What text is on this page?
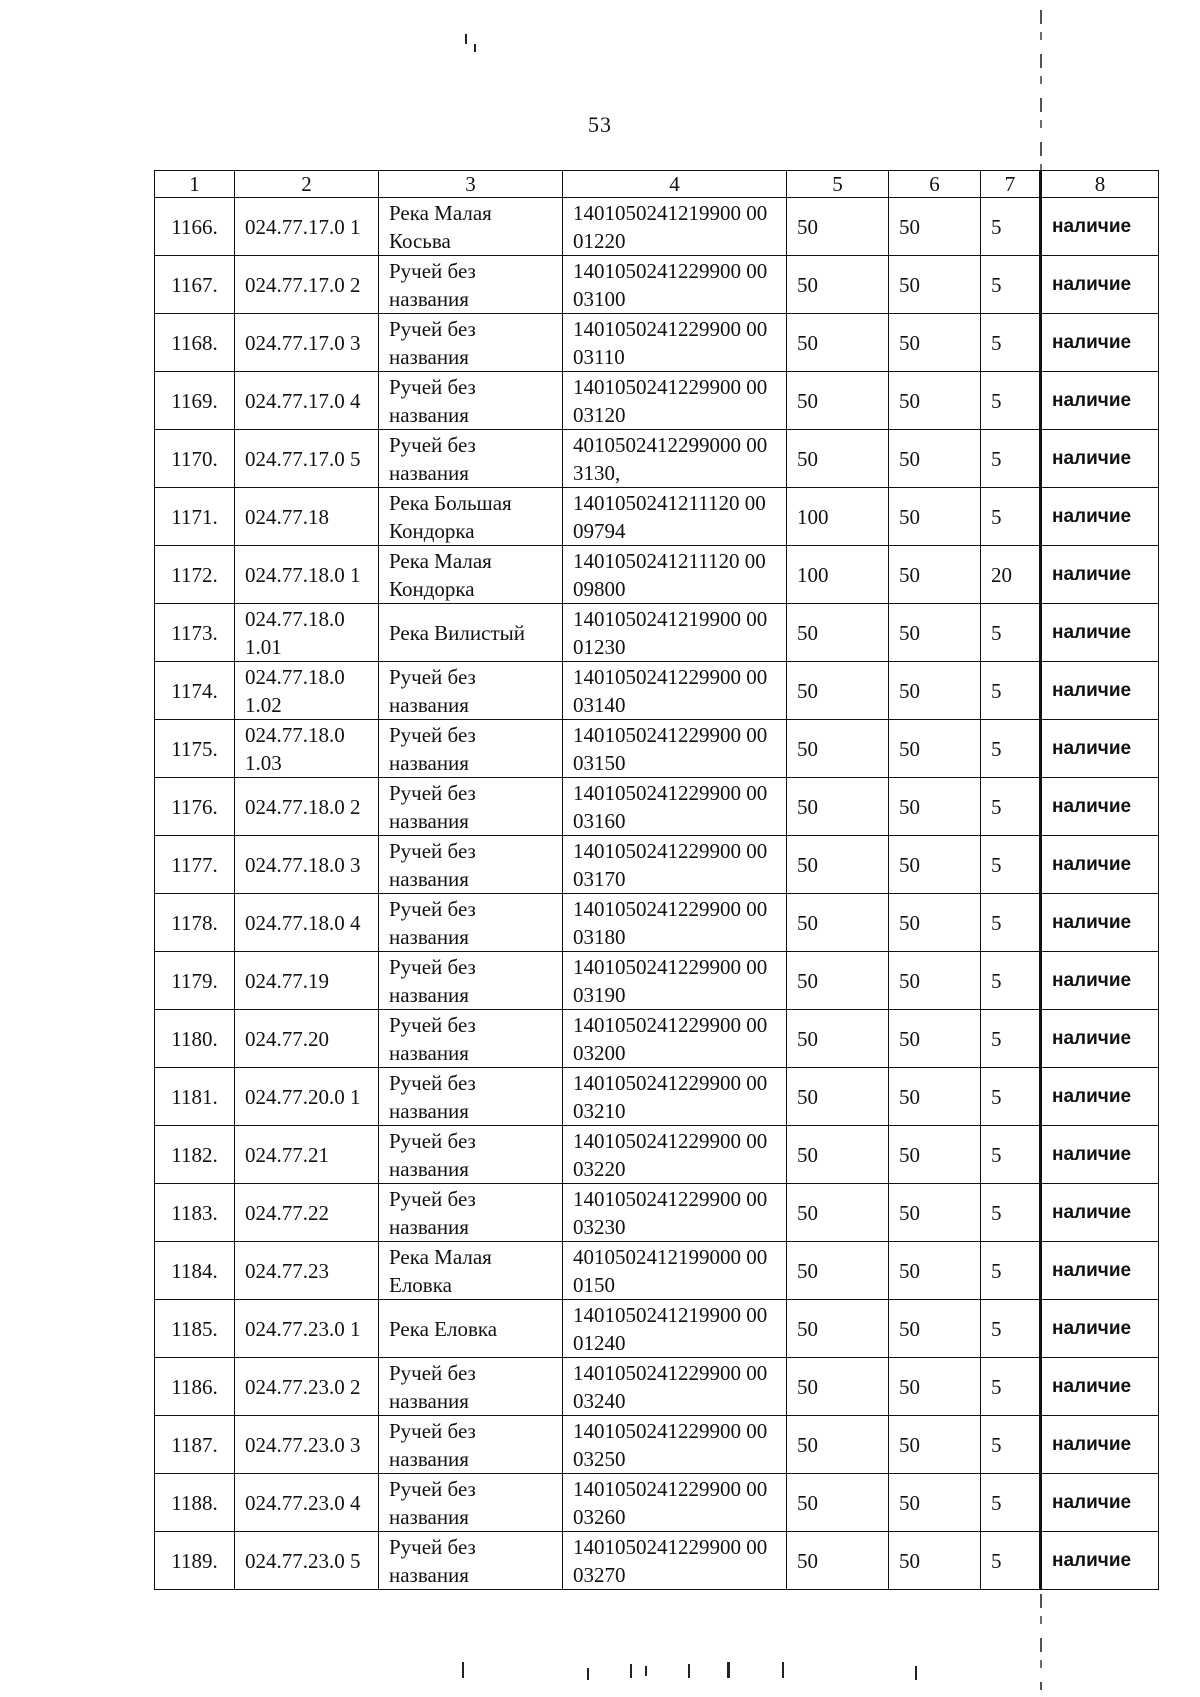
53
1	2	3	4	5	6	7	8
1166.	024.77.17.0 1	Река Малая Косьва	1401050241219900 0001220	50	50	5	наличие
1167.	024.77.17.0 2	Ручей без названия	1401050241229900 0003100	50	50	5	наличие
1168.	024.77.17.0 3	Ручей без названия	1401050241229900 0003110	50	50	5	наличие
1169.	024.77.17.0 4	Ручей без названия	1401050241229900 0003120	50	50	5	наличие
1170.	024.77.17.0 5	Ручей без названия	4010502412299000 003130,	50	50	5	наличие
1171.	024.77.18	Река Большая Кондорка	1401050241211120 0009794	100	50	5	наличие
1172.	024.77.18.0 1	Река Малая Кондорка	1401050241211120 0009800	100	50	20	наличие
1173.	024.77.18.0 1.01	Река Вилистый	1401050241219900 0001230	50	50	5	наличие
1174.	024.77.18.0 1.02	Ручей без названия	1401050241229900 0003140	50	50	5	наличие
1175.	024.77.18.0 1.03	Ручей без названия	1401050241229900 0003150	50	50	5	наличие
1176.	024.77.18.0 2	Ручей без названия	1401050241229900 0003160	50	50	5	наличие
1177.	024.77.18.0 3	Ручей без названия	1401050241229900 0003170	50	50	5	наличие
1178.	024.77.18.0 4	Ручей без названия	1401050241229900 0003180	50	50	5	наличие
1179.	024.77.19	Ручей без названия	1401050241229900 0003190	50	50	5	наличие
1180.	024.77.20	Ручей без названия	1401050241229900 0003200	50	50	5	наличие
1181.	024.77.20.0 1	Ручей без названия	1401050241229900 0003210	50	50	5	наличие
1182.	024.77.21	Ручей без названия	1401050241229900 0003220	50	50	5	наличие
1183.	024.77.22	Ручей без названия	1401050241229900 0003230	50	50	5	наличие
1184.	024.77.23	Река Малая Еловка	4010502412199000 000150	50	50	5	наличие
1185.	024.77.23.0 1	Река Еловка	1401050241219900 0001240	50	50	5	наличие
1186.	024.77.23.0 2	Ручей без названия	1401050241229900 0003240	50	50	5	наличие
1187.	024.77.23.0 3	Ручей без названия	1401050241229900 0003250	50	50	5	наличие
1188.	024.77.23.0 4	Ручей без названия	1401050241229900 0003260	50	50	5	наличие
1189.	024.77.23.0 5	Ручей без названия	1401050241229900 0003270	50	50	5	наличие
